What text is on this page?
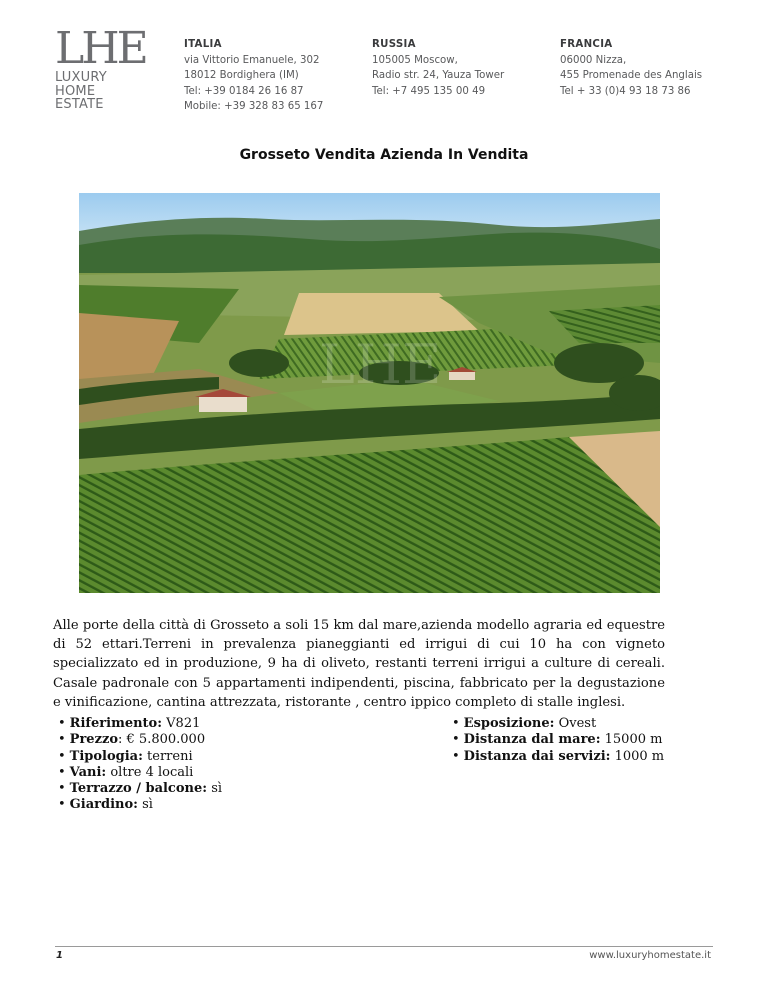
LHE
LUXURY
HOME
ESTATE
ITALIA
via Vittorio Emanuele, 302
18012 Bordighera (IM)
Tel: +39 0184 26 16 87
Mobile: +39 328 83 65 167
RUSSIA
105005 Moscow,
Radio str. 24, Yauza Tower
Tel: +7 495 135 00 49
FRANCIA
06000 Nizza,
455 Promenade des Anglais
Tel + 33 (0)4 93 18 73 86
Grosseto Vendita Azienda In Vendita
LHE

Alle porte della città di Grosseto a soli 15 km dal mare,azienda modello agraria ed equestre di 52 ettari.Terreni in prevalenza pianeggianti ed irrigui di cui 10 ha con vigneto specializzato ed in produzione, 9 ha di oliveto, restanti terreni irrigui a culture di cereali. Casale padronale con 5 appartamenti indipendenti, piscina, fabbricato per la degustazione e vinificazione, cantina attrezzata, ristorante , centro ippico completo di stalle inglesi.

• Riferimento: V821
• Prezzo: € 5.800.000
• Tipologia: terreni
• Vani: oltre 4 locali
• Terrazzo / balcone: sì
• Giardino: sì
• Esposizione: Ovest
• Distanza dal mare: 15000 m
• Distanza dai servizi: 1000 m
1	www.luxuryhomestate.it
